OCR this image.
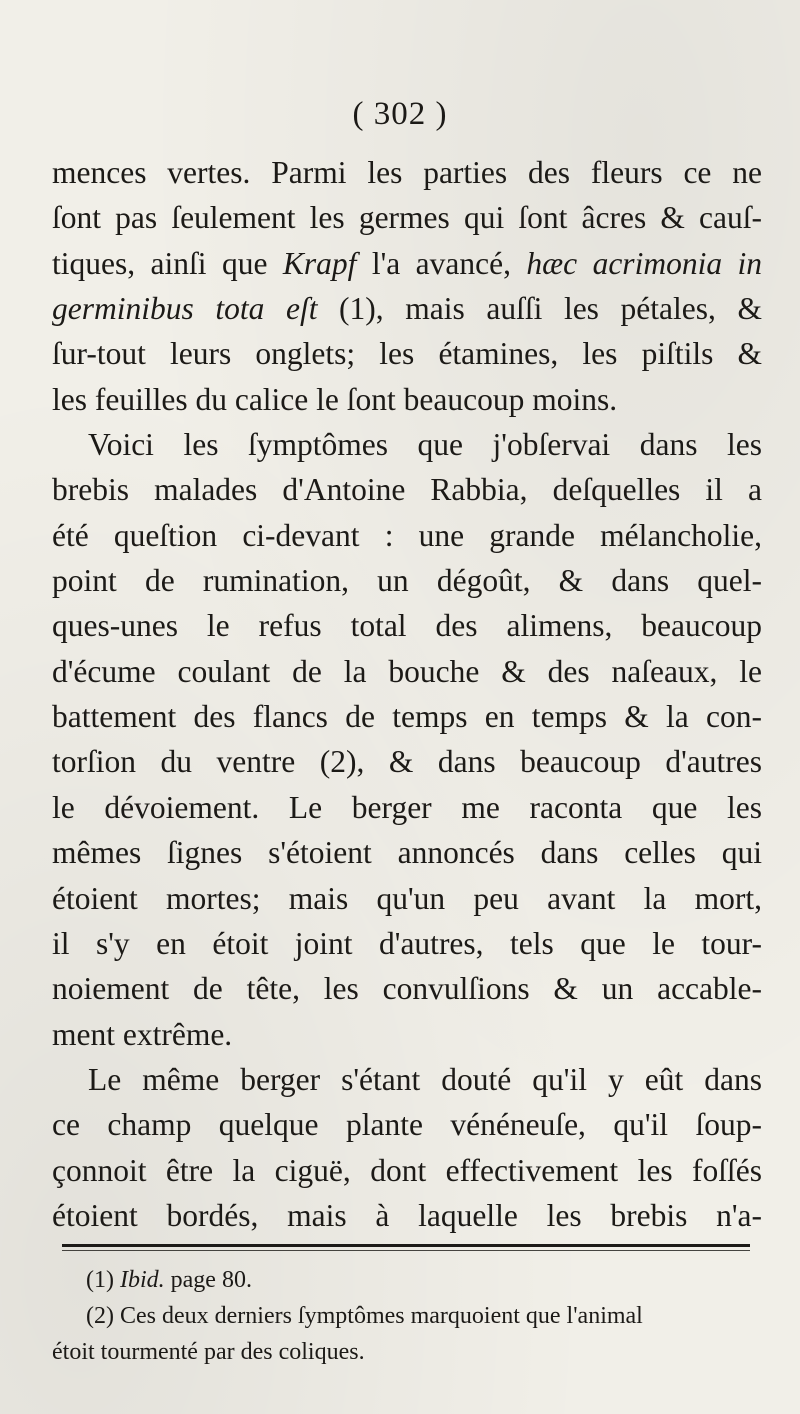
( 302 )
mences vertes. Parmi les parties des fleurs ce ne
ſont pas ſeulement les germes qui ſont âcres & cauſ-
tiques, ainſi que Krapf l'a avancé, hæc acrimonia in
germinibus tota eſt (1), mais auſſi les pétales, &
ſur-tout leurs onglets; les étamines, les piſtils &
les feuilles du calice le ſont beaucoup moins.
Voici les ſymptômes que j'obſervai dans les
brebis malades d'Antoine Rabbia, deſquelles il a
été queſtion ci-devant : une grande mélancholie,
point de rumination, un dégoût, & dans quel-
ques-unes le refus total des alimens, beaucoup
d'écume coulant de la bouche & des naſeaux, le
battement des flancs de temps en temps & la con-
torſion du ventre (2), & dans beaucoup d'autres
le dévoiement. Le berger me raconta que les
mêmes ſignes s'étoient annoncés dans celles qui
étoient mortes; mais qu'un peu avant la mort,
il s'y en étoit joint d'autres, tels que le tour-
noiement de tête, les convulſions & un accable-
ment extrême.
Le même berger s'étant douté qu'il y eût dans
ce champ quelque plante vénéneuſe, qu'il ſoup-
çonnoit être la ciguë, dont effectivement les foſſés
étoient bordés, mais à laquelle les brebis n'a-
(1) Ibid. page 80.
(2) Ces deux derniers ſymptômes marquoient que l'animal
étoit tourmenté par des coliques.
